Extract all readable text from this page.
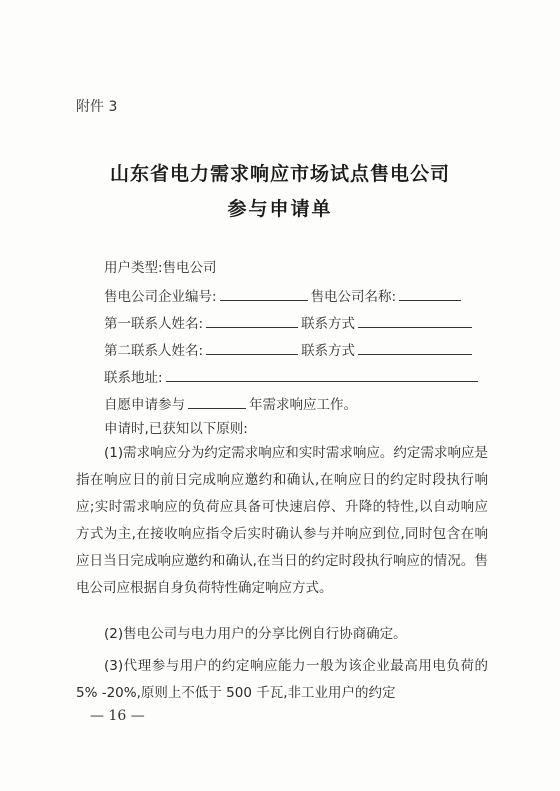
附件 3
山东省电力需求响应市场试点售电公司
参与申请单
用户类型:售电公司
售电公司企业编号:	售电公司名称:
第一联系人姓名:	联系方式
第二联系人姓名:	联系方式
联系地址:
自愿申请参与	年需求响应工作。
申请时,已获知以下原则:
(1)需求响应分为约定需求响应和实时需求响应。约定需求响应是指在响应日的前日完成响应邀约和确认,在响应日的约定时段执行响应;实时需求响应的负荷应具备可快速启停、升降的特性,以自动响应方式为主,在接收响应指令后实时确认参与并响应到位,同时包含在响应日当日完成响应邀约和确认,在当日的约定时段执行响应的情况。售电公司应根据自身负荷特性确定响应方式。
(2)售电公司与电力用户的分享比例自行协商确定。
(3)代理参与用户的约定响应能力一般为该企业最高用电负荷的 5% -20%,原则上不低于 500 千瓦,非工业用户的约定
— 16 —
